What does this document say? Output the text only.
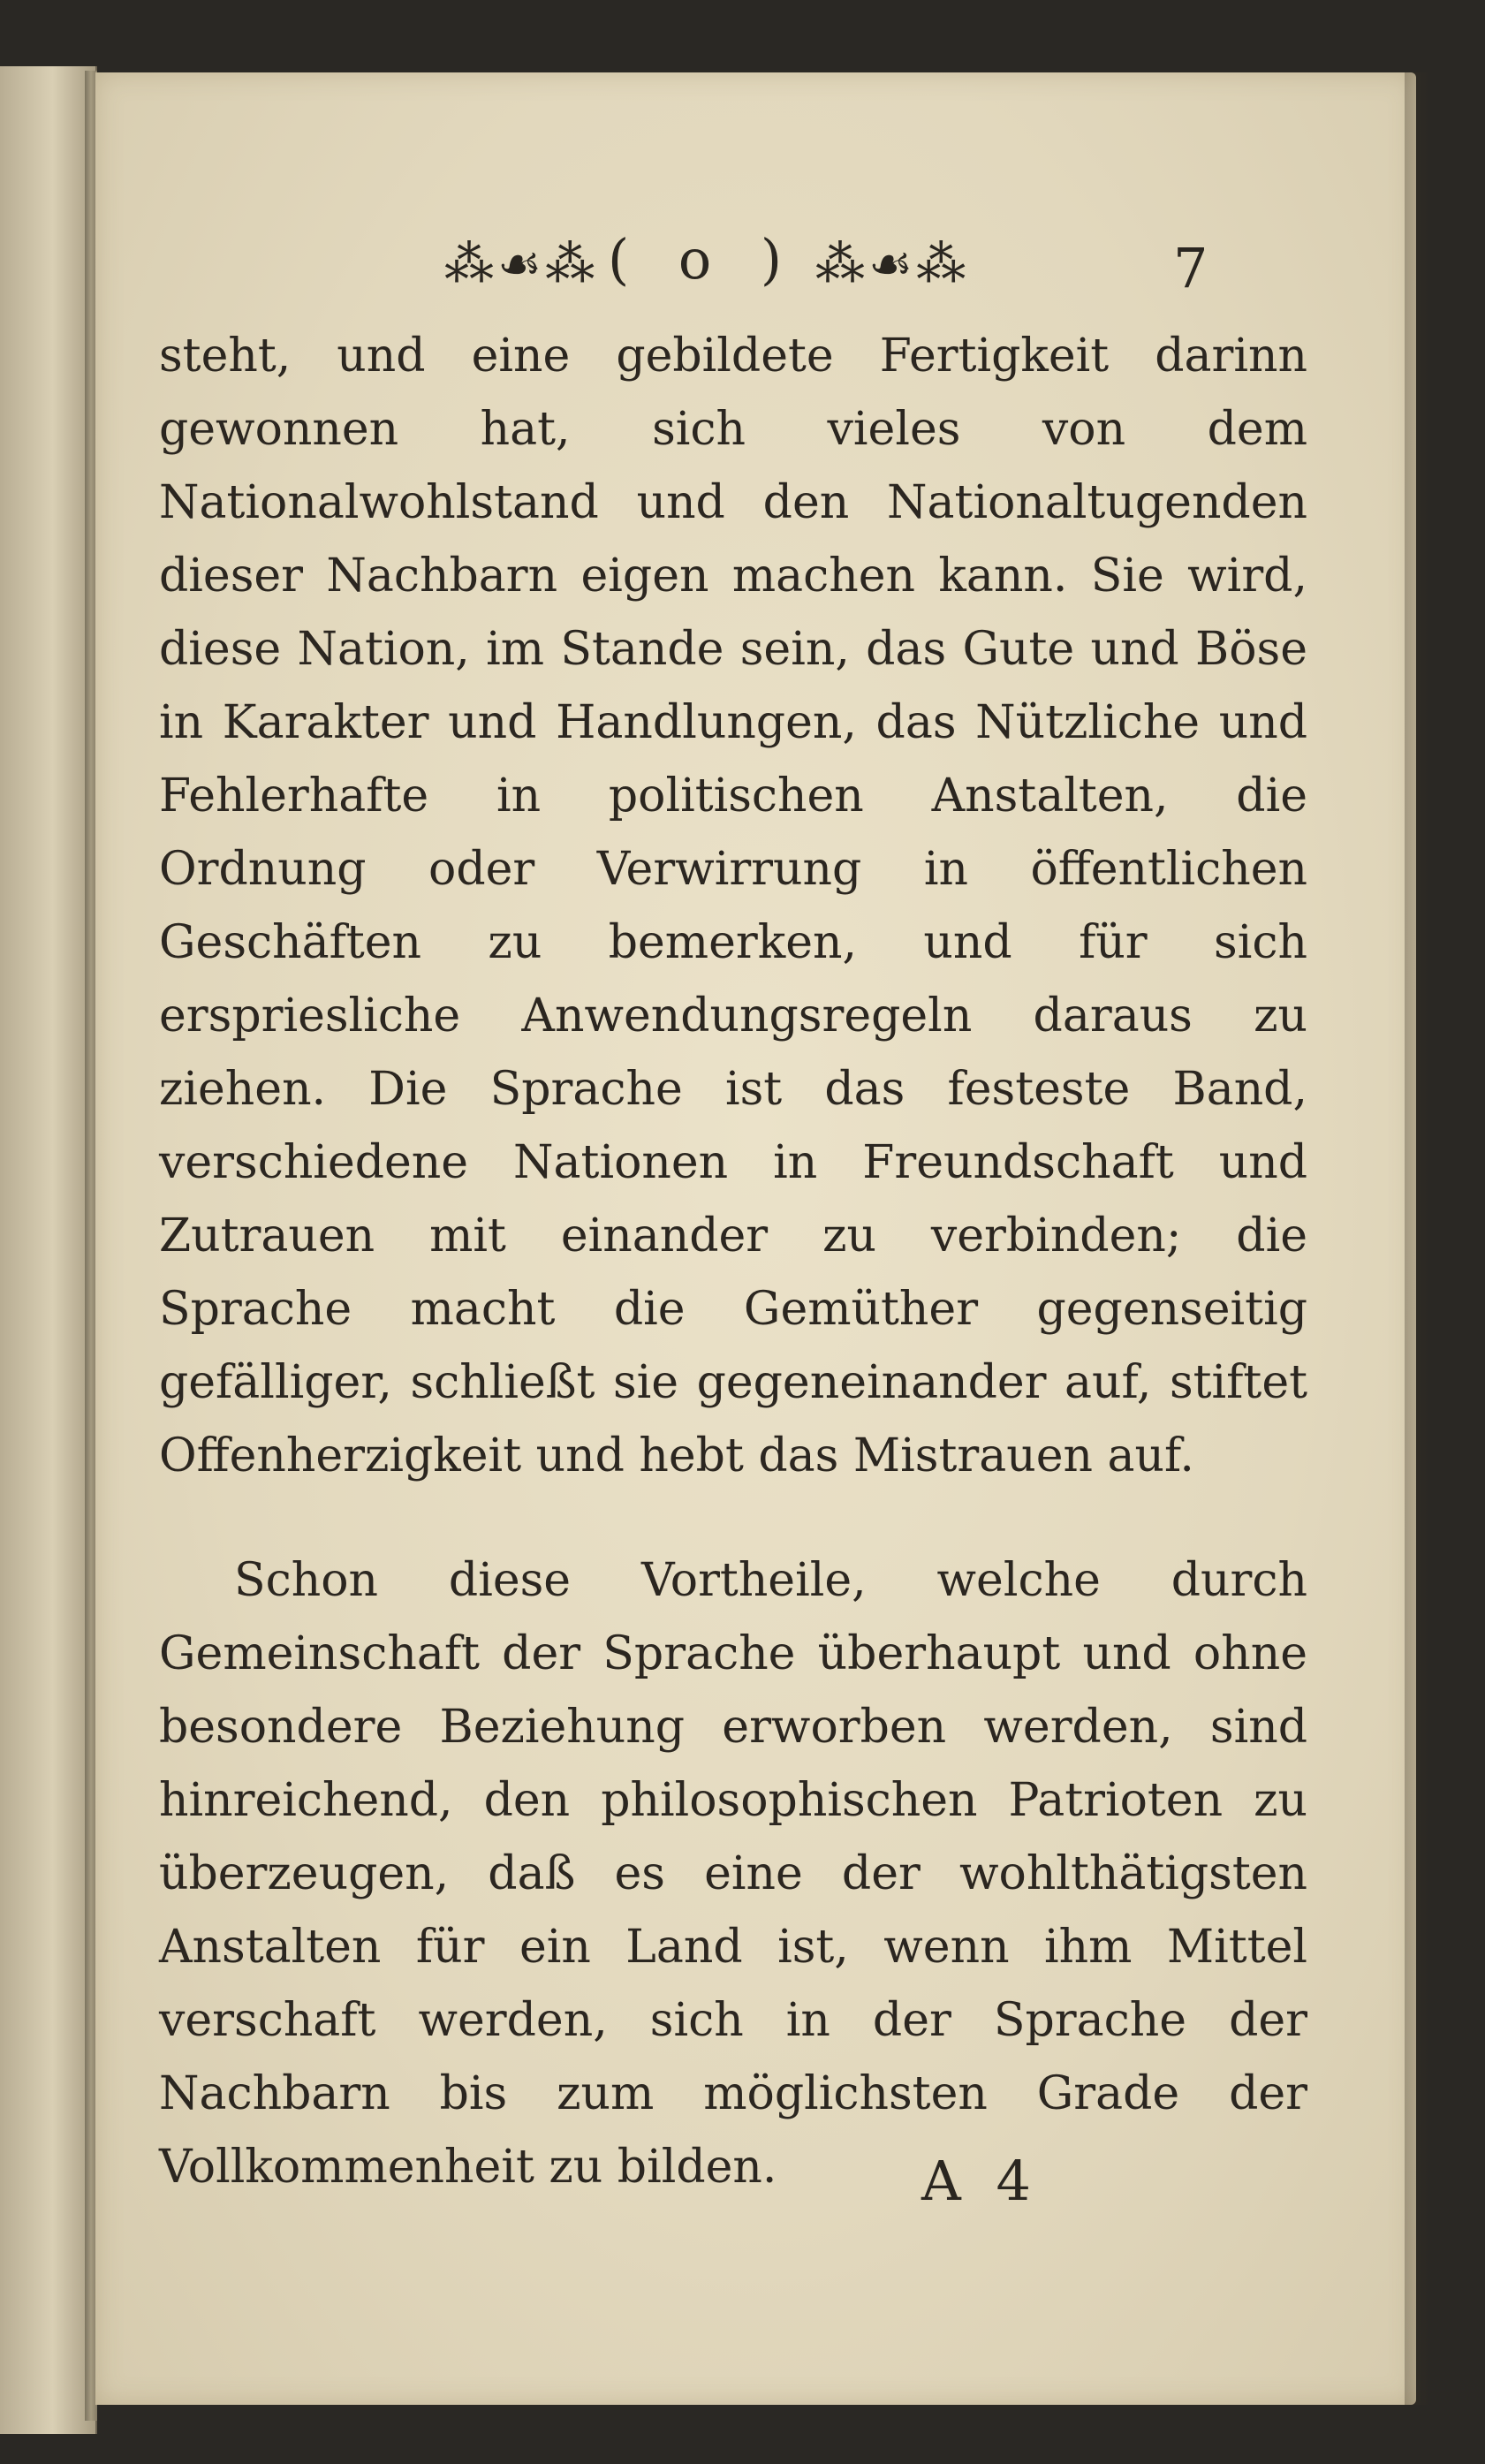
⁂☙⁂ ( o ) ⁂☙⁂	7

steht, und eine gebildete Fertigkeit darinn gewonnen hat, sich vieles von dem Nationalwohlstand und den Nationaltugenden dieser Nachbarn eigen machen kann. Sie wird, diese Nation, im Stande sein, das Gute und Böse in Karakter und Handlungen, das Nützliche und Fehlerhafte in politischen Anstalten, die Ordnung oder Verwirrung in öffentlichen Geschäften zu bemerken, und für sich erspriesliche Anwendungsregeln daraus zu ziehen. Die Sprache ist das festeste Band, verschiedene Nationen in Freundschaft und Zutrauen mit einander zu verbinden; die Sprache macht die Gemüther gegenseitig gefälliger, schließt sie gegeneinander auf, stiftet Offenherzigkeit und hebt das Mistrauen auf.

Schon diese Vortheile, welche durch Gemeinschaft der Sprache überhaupt und ohne besondere Beziehung erworben werden, sind hinreichend, den philosophischen Patrioten zu überzeugen, daß es eine der wohlthätigsten Anstalten für ein Land ist, wenn ihm Mittel verschaft werden, sich in der Sprache der Nachbarn bis zum möglichsten Grade der Vollkommenheit zu bilden.	A 4
